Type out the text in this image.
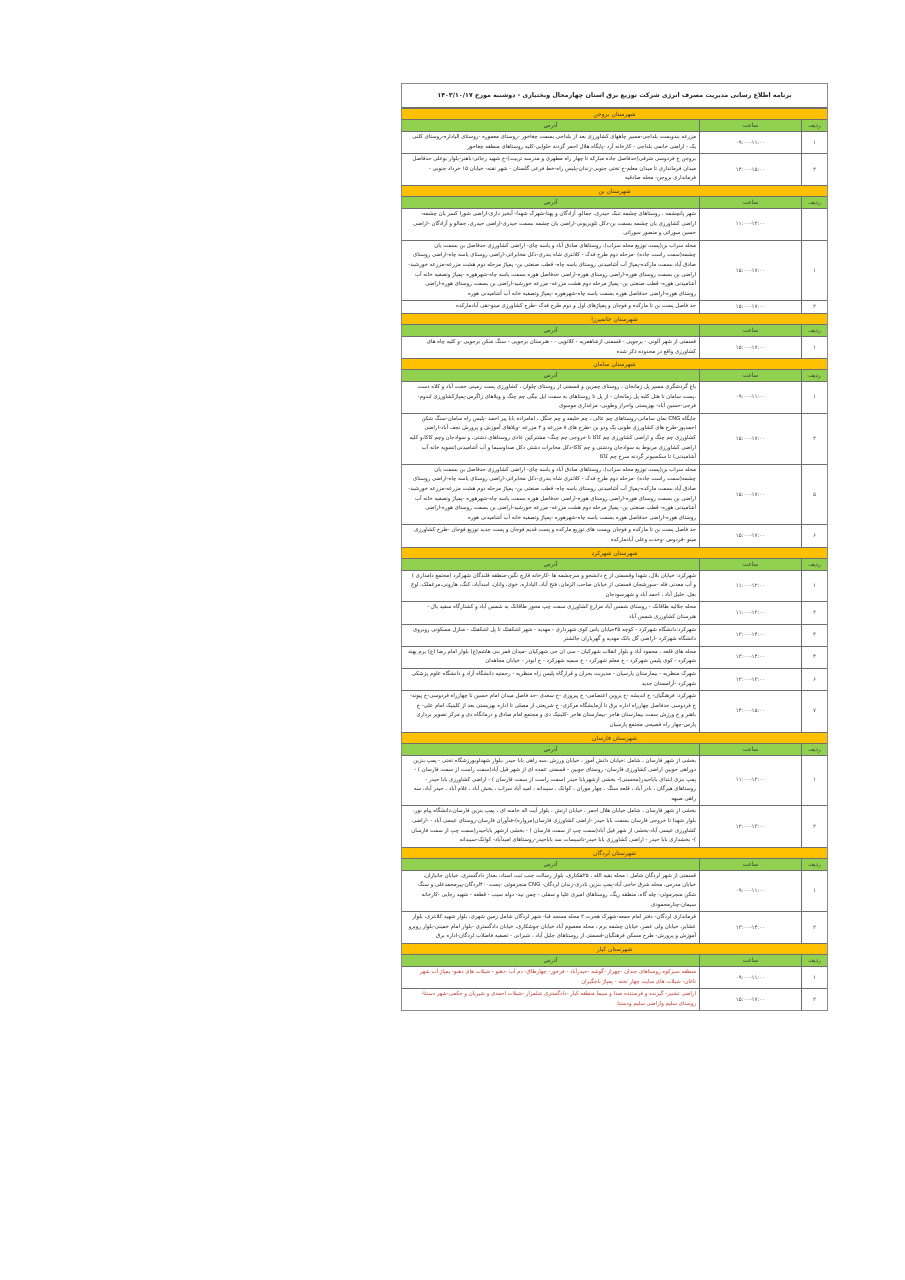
برنامه اطلاع رسانی مدیریت مصرف انرژی شرکت توزیع برق استان چهارمحال وبختیاری - دوشنبه مورخ ۱۴۰۳/۱۰/۱۷
شهرستان بروجن
ردیف
ساعت
آدرس
۱
۰۹:۰۰-۱۱:۰۰
مزرعه بندوبست بلداجی-مسیر چاههای کشاورزی بعد از بلداجی بسمت چغاخور -روستای معموره -روستای الیاداره-روستای کلنی یک - اراضی خانمی بلداجی - کارخانه آرد -پایگاه هلال احمر گردنه حلوایی-کلیه روستاهای منطقه چغاخور
۲
۱۴:۰۰-۱۵:۰۰
بروجن خ فردوسی شرقی(حدفاصل جاده مبارکه تا چهار راه مطهری و مدرسه تربیت)-خ شهید رجائی-باهنر-بلوار بوعلی حدفاصل میدان فرمانداری تا میدان معلم-خ تختی جنوبی-زندان-پلیس راه-خط فرعی گلستان - شهر نقنه- خیابان ۱۵ خرداد جنوبی - فرمانداری بروجن- محله صادقیه
شهرستان بن
ردیف
ساعت
آدرس
۱۱:۰۰-۱۲:۰۰
شهر پانچشمه ، روستاهای چشمه تنبک حیدری، جمالو، آزادگان و پهنا-شهرک شهدا- آبخیز داری-اراضی شورا کسر یان چشمه-اراضی کشاورزی یان چشمه بسمت بن-دکل تلویزیونی-اراضی یان چشمه بسمت حیدری-اراضی حیدری، جمالو و آزادگان -اراضی حسین سوراتی و منصور سوراتی
۱
۱۵:۰۰-۱۷:۰۰
محله سراب بن(پست توزیع محله سراب)، روستاهای صادق آباد و یاسه چای- اراضی کشاورزی حدفاصل بن بسمت یان چشمه(سمت راست جاده) -مرحله دوم طرح فدک - کلانتری شاه بندری-دکل مخابراتی-اراضی روستای یاسه چاه-اراضی روستای صادق آباد بسمت مارکده-پمپاژ آب آشامیدنی روستای یاسه چاه- قطب صنعتی بن- پمپاژ مرحله دوم هشت مزرعه-مزرعه خورشید-اراضی بن بسمت روستای هوره-اراضی روستای هوره-اراضی حدفاصل هوره بسمت یاسه چاه-شهرهوره -پمپاژ وتصفیه خانه آب آشامیدنی هوره- قطب صنعتی بن- پمپاژ مرحله دوم هشت مزرعه- مزرعه خورشید-اراضی بن بسمت روستای هوره-اراضی روستای هوره-اراضی حدفاصل هوره بسمت یاسه چاه-شهرهوره -پمپاژ وتصفیه خانه آب آشامیدنی هوره
۲
۱۵:۰۰-۱۷:۰۰
حد فاصل پست بن تا مارکده و فوجان و پمپاژهای اول و دوم طرح فدک -طرح کشاورزی مینو-نقی آبادمارکده
شهرستان خانمیرزا
ردیف
ساعت
آدرس
۱
۱۵:۰۰-۱۷:۰۰
قسمتی از شهر آلونی - برجویی - قسمتی ازشاهفریه - کلاتویی - - هنرستان برجویی - سنگ شکن برجویی -و کلیه چاه های کشاورزی واقع در محدوده ذکر شده
شهرستان سامان
ردیف
ساعت
آدرس
۱
۰۹:۰۰-۱۱:۰۰
باغ گردشگری مسیر پل زمانخان ، روستای چمزین و قسمتی از روستای چلوان ، کشاورزی پست زمینی حجت آباد و کلاه دست ،پست سامان تا هتل کلبه پل زمانخان - از پل تا روستاهای به سمت ایل بیگی چم چنگ و ویلاهای زاگرس-پمپاژکشاورزی لندوم- فرجی-حسین آباد- بهزیستی واحراز وطوبی- مرغداری موسوی
۲
۱۵:۰۰-۱۷:۰۰
جایگاه CNG نمان سامانی-روستاهای چم عالی ، چم خلیفه و چم جنگل ، امامزاده بابا پیر احمد -پلیس راه سامان-سنگ شکن احمدپور-طرح های کشاورزی طوبی یک ودو بن -طرح های ۸ مزرعه و ۴ مزرعه -ویلاهای آموزش و پرورش نجف آباد-اراضی کشاورزی چم چنگ و اراضی کشاورزی چم کاکا تا خروجی چم چنگ- مشترکین عادی روستاهای دشتی، و سوادجان وچم کاکا،و کلیه اراضی کشاورزی مربوط به سوادجان ودشتی و چم کاکا-دکل مخابرات دشتی دکل صداوسیما و آب آشامیدنی(تسویه خانه آب آشامیدنی) تا سکسیونر گردنه سرخ چم کاکا
۵
۱۵:۰۰-۱۷:۰۰
محله سراب بن(پست توزیع محله سراب)، روستاهای صادق آباد و یاسه چای- اراضی کشاورزی حدفاصل بن بسمت یان چشمه(سمت راست جاده) -مرحله دوم طرح فدک - کلانتری شاه بندری-دکل مخابراتی-اراضی روستای یاسه چاه-اراضی روستای صادق آباد بسمت مارکده-پمپاژ آب آشامیدنی روستای یاسه چاه- قطب صنعتی بن- پمپاژ مرحله دوم هشت مزرعه-مزرعه خورشید-اراضی بن بسمت روستای هوره-اراضی روستای هوره-اراضی حدفاصل هوره بسمت یاسه چاه-شهرهوره -پمپاژ وتصفیه خانه آب آشامیدنی هوره- قطب صنعتی بن- پمپاژ مرحله دوم هشت مزرعه- مزرعه خورشید-اراضی بن بسمت روستای هوره-اراضی روستای هوره-اراضی حدفاصل هوره بسمت یاسه چاه-شهرهوره -پمپاژ وتصفیه خانه آب آشامیدنی هوره
۶
۱۵:۰۰-۱۷:۰۰
حد فاصل پست بن تا مارکده و فوجان وپست های توزیع مارکده و پست قدیم فوجان و پست جدید توزیع فوجان -طرح کشاورزی مینو -فردوس -وحدت وعلی آبادمارکده
شهرستان شهرکرد
ردیف
ساعت
آدرس
۱
۱۱:۰۰-۱۲:۰۰
شهرکرد: خیابان بلال، شهدا وقسمتی از خ دانشجو و سرچشمه ها -کارخانه قارچ نگین-منطقه قلندگان شهرکرد (مجتمع دامداری ) و آب معدنی قله -سورشجان قسمتی از خیابان صاحب الزمان، فتح آباد، الیاداره، خوی، وانان، اسدآباد، کنگ، هارونی،مرغملک، اوج بغل، خلیل آباد ، احمد آباد و شهرسودجان
۲
۱۱:۰۰-۱۲:۰۰
محله جلالیه طاقانک - روستای شمس آباد مزارع کشاورزی سمت چپ محور طاقانک به شمس آباد و کشتارگاه سفید بال - هنرستان کشاورزی شمس آباد
۳
۱۳:۰۰-۱۴:۰۰
شهرکرد:دانشگاه شهرکرد - کوچه ۴۵خیابان یاس کوی شهرداری - مهدیه - شهر اشکفتک تا پل اشکفتک - منازل مسکونی روبروی دانشگاه شهرکرد -اراضی گل بانک مهدیه و گهرباران جالشتر
۴
۱۳:۰۰-۱۴:۰۰
محله های قلعه ، محمود آباد و بلوار انقلاب شهرکیان - سی ان جی شهرکیان -میدان قمر بنی هاشم(ع) بلوار امام رضا (ع) برم پهنه شهرکرد - کوی پلیس شهرکرد - خ معلم شهرکرد - خ سمیه شهرکرد - خ ابوذر - خیابان مجاهدان
۶
۱۲:۰۰-۱۳:۰۰
شهرک منظریه - بیمارستان پارسیان - مدیریت بحران و قرارگاه پلیس راه منظریه - رحمتیه دانشگاه آزاد و دانشگاه علوم پزشکی شهرکرد -آرامستان جدید
۷
۱۴:۰۰-۱۵:۰۰
شهرکرد: فرهنگیان- خ اندیشه -خ پروین اعتصامی- خ پیروزی -خ سعدی -حد فاصل میدان امام حسین تا چهارراه فردوسی-خ پیوند- خ فردوسی حدفاصل چهارراه اداره برق تا آزمایشگاه مرکزی- خ شریعتی از مصلی تا اداره بهزیستی بعد از کلینیک امام علی- خ باهنر و خ ورزش سمت بیمارستان هاجر -بیمارستان هاجر -کلینیک دی و مجتمع امام صادق و درمانگاه دی و مرکز تصویر برداری پارس-چهار راه فصیحی مجتمع پارسیان
شهرستان فارسان
ردیف
ساعت
آدرس
۱
۱۱:۰۰-۱۲:۰۰
بخشی از شهر فارسان ، شامل :خیابان دانش آموز ، خیابان ورزش ،سه راهی بابا حیدر ،بلوار شهداوبورزشگاه تختی - پمپ بنزین دوراهی جوبین اراضی کشاورزی فارسان- روستای جوبین - قسمتی عمده ای از شهر قیل آباد(سمت راست از سمت فارسان ) - پمپ بنزی ابتدای باباحیدر(محسنی)- بخشی ازشهربابا حیدر (سمت راست از سمت فارسان ) - اراضی کشاورزی بابا حیدر - روستاهای هیرگان ، نادر آباد ، قلعه سنگ ، چهار موران ، کوانک ، سیبدانه ، امید آباد سراب ، بخش آباد ، غلام آباد ، حیدر آباد، سه راهی صبهه
۲
۱۲:۰۰-۱۳:۰۰
بخشی از شهر فارسان ، شامل خیابان هلال احمر ، خیابان ارتش ، بلوار آیت اله خامنه ای ، پمپ بنزین فارسان،دانشگاه پیام نور، بلوار شهدا تا خروجی فارسان بسمت بابا حیدر -اراضی کشاورزی فارسان(مرواره)-فنآوران فارسان-روستای عیسی آباد - -اراضی کشاورزی عیسی آباد-بخشی از شهر قیل آباد(سمت چپ از سمت فارسان ) - بخشی ازشهر باباحیدر(سمت چپ از سمت فارسان )- بخشداری بابا حیدر - اراضی کشاورزی بابا حیدر-تاسیسات سد باباحیدر-روستاهای امیدآباد- کوانک-سیبدانه
شهرستان لردگان
ردیف
ساعت
آدرس
۱
۰۹:۰۰-۱۱:۰۰
قسمتی از شهر لردگان شامل : محله بقیه الله ، ۲۵هکتاری، بلوار رسالت جنب ثبت اسناد، بعداز دادگستری، خیابان جانبازان، خیابان مدرس، محله شرق حاجی آباد-پمپ بنزین نادری-زندان لردگان- CNG منجرموئی -پست۴۰۰لردگان-پیرمحمدعلی و سنگ شکن منجرموئی- چله گاه، منطقه ریگ، روستاهای امیری علیا و سفلی - چمن بید- دوله سیب - قطعه - شهید رجایی -کارخانه سیمان-چنارمحمودی
۲
۱۳:۰۰-۱۴:۰۰
فرمانداری لردگان- دفتر امام جمعه-شهرک هجرت ۲ محله مسجد قبا- شهر لردگان شامل زمین شهری، بلوار شهید کلانتری، بلوار عشایر، خیابان ولی عصر، خیابان چشمه برم ، محله معصوم آباد خیابان جوشکاری، خیابان دادگستری -بلوار امام خمینی-بلوار روبرو آموزش و پرورش- طرح مسکن فرهنگیان-قسمتی از روستاهای جلیل آباد ، شیرانی - تصفیه فاضلاب لردگان-اداره برق
شهرستان کیار
ردیف
ساعت
آدرس
۱
۰۹:۰۰-۱۱:۰۰
منطقه سبزکوه روستاهای جندان -چهراز -گوشه -حیدرآباد - فرخور- چهارطاق- دم آب -دهنو - شیلات های دهنو- پمپاژ آب شهر ناغان- شیلات های سایت چهار تخته - پمپاژ باجگیران
۲
۱۵:۰۰-۱۷:۰۰
اراضی تشنیز- گیرنده و فرستنده صدا و سیما منطقه کیار -دادگستری شلمزار -شیلات احمدی و شیریان و حکمی-شهر دستنا-روستای سلیم واراضی سلیم ودستنا
